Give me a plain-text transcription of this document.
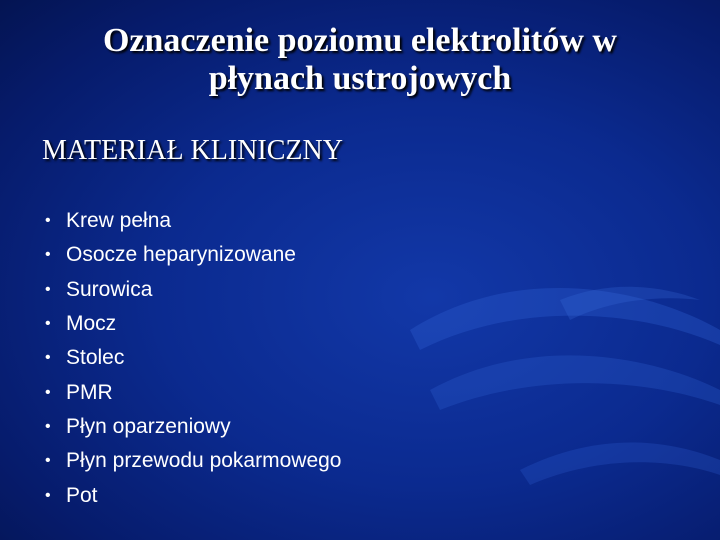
Oznaczenie poziomu elektrolitów w
płynach ustrojowych
MATERIAŁ KLINICZNY
• Krew pełna
• Osocze heparynizowane
• Surowica
• Mocz
• Stolec
• PMR
• Płyn oparzeniowy
• Płyn przewodu pokarmowego
• Pot
